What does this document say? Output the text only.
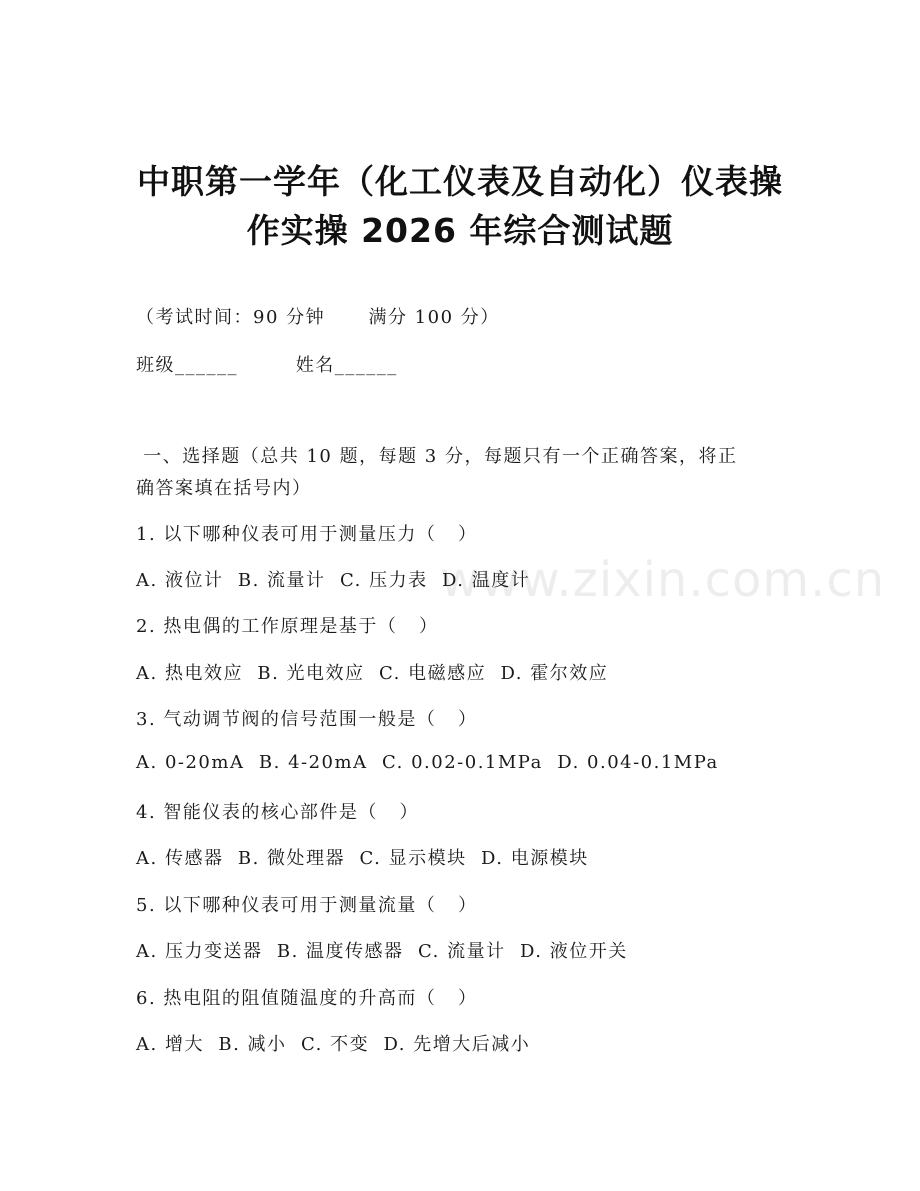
中职第一学年（化工仪表及自动化）仪表操
作实操 2026 年综合测试题
（考试时间：90 分钟      满分 100 分）
班级______        姓名______
一、选择题（总共 10 题，每题 3 分，每题只有一个正确答案，将正
确答案填在括号内）
1. 以下哪种仪表可用于测量压力（   ）
A. 液位计  B. 流量计  C. 压力表  D. 温度计
2. 热电偶的工作原理是基于（   ）
A. 热电效应  B. 光电效应  C. 电磁感应  D. 霍尔效应
3. 气动调节阀的信号范围一般是（   ）
A. 0-20mA  B. 4-20mA  C. 0.02-0.1MPa  D. 0.04-0.1MPa
4. 智能仪表的核心部件是（   ）
A. 传感器  B. 微处理器  C. 显示模块  D. 电源模块
5. 以下哪种仪表可用于测量流量（   ）
A. 压力变送器  B. 温度传感器  C. 流量计  D. 液位开关
6. 热电阻的阻值随温度的升高而（   ）
A. 增大  B. 减小  C. 不变  D. 先增大后减小
www.zixin.com.cn
